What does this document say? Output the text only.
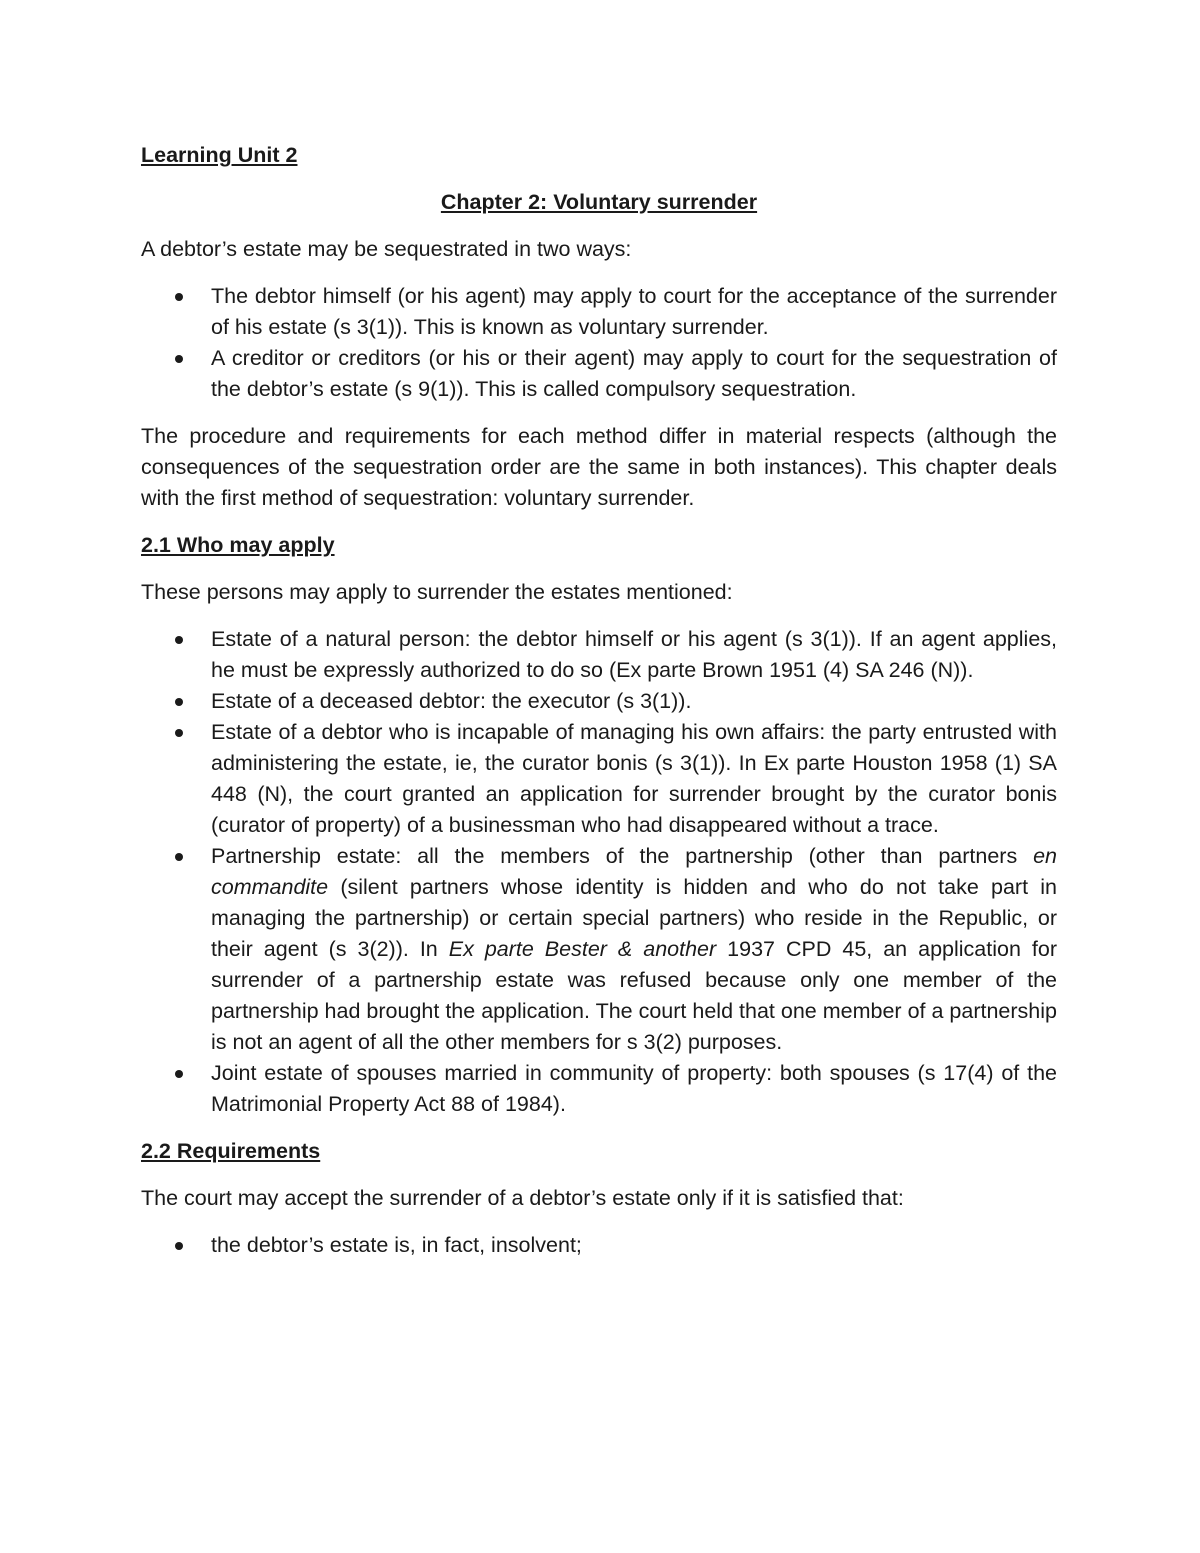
Learning Unit 2
Chapter 2: Voluntary surrender

A debtor’s estate may be sequestrated in two ways:

The debtor himself (or his agent) may apply to court for the acceptance of the surrender of his estate (s 3(1)). This is known as voluntary surrender.
A creditor or creditors (or his or their agent) may apply to court for the sequestration of the debtor’s estate (s 9(1)). This is called compulsory sequestration.

The procedure and requirements for each method differ in material respects (although the consequences of the sequestration order are the same in both instances). This chapter deals with the first method of sequestration: voluntary surrender.

2.1 Who may apply

These persons may apply to surrender the estates mentioned:

Estate of a natural person: the debtor himself or his agent (s 3(1)). If an agent applies, he must be expressly authorized to do so (Ex parte Brown 1951 (4) SA 246 (N)).
Estate of a deceased debtor: the executor (s 3(1)).
Estate of a debtor who is incapable of managing his own affairs: the party entrusted with administering the estate, ie, the curator bonis (s 3(1)). In Ex parte Houston 1958 (1) SA 448 (N), the court granted an application for surrender brought by the curator bonis (curator of property) of a businessman who had disappeared without a trace.
Partnership estate: all the members of the partnership (other than partners en commandite (silent partners whose identity is hidden and who do not take part in managing the partnership) or certain special partners) who reside in the Republic, or their agent (s 3(2)). In Ex parte Bester & another 1937 CPD 45, an application for surrender of a partnership estate was refused because only one member of the partnership had brought the application. The court held that one member of a partnership is not an agent of all the other members for s 3(2) purposes.
Joint estate of spouses married in community of property: both spouses (s 17(4) of the Matrimonial Property Act 88 of 1984).
2.2 Requirements

The court may accept the surrender of a debtor’s estate only if it is satisfied that:

the debtor’s estate is, in fact, insolvent;
